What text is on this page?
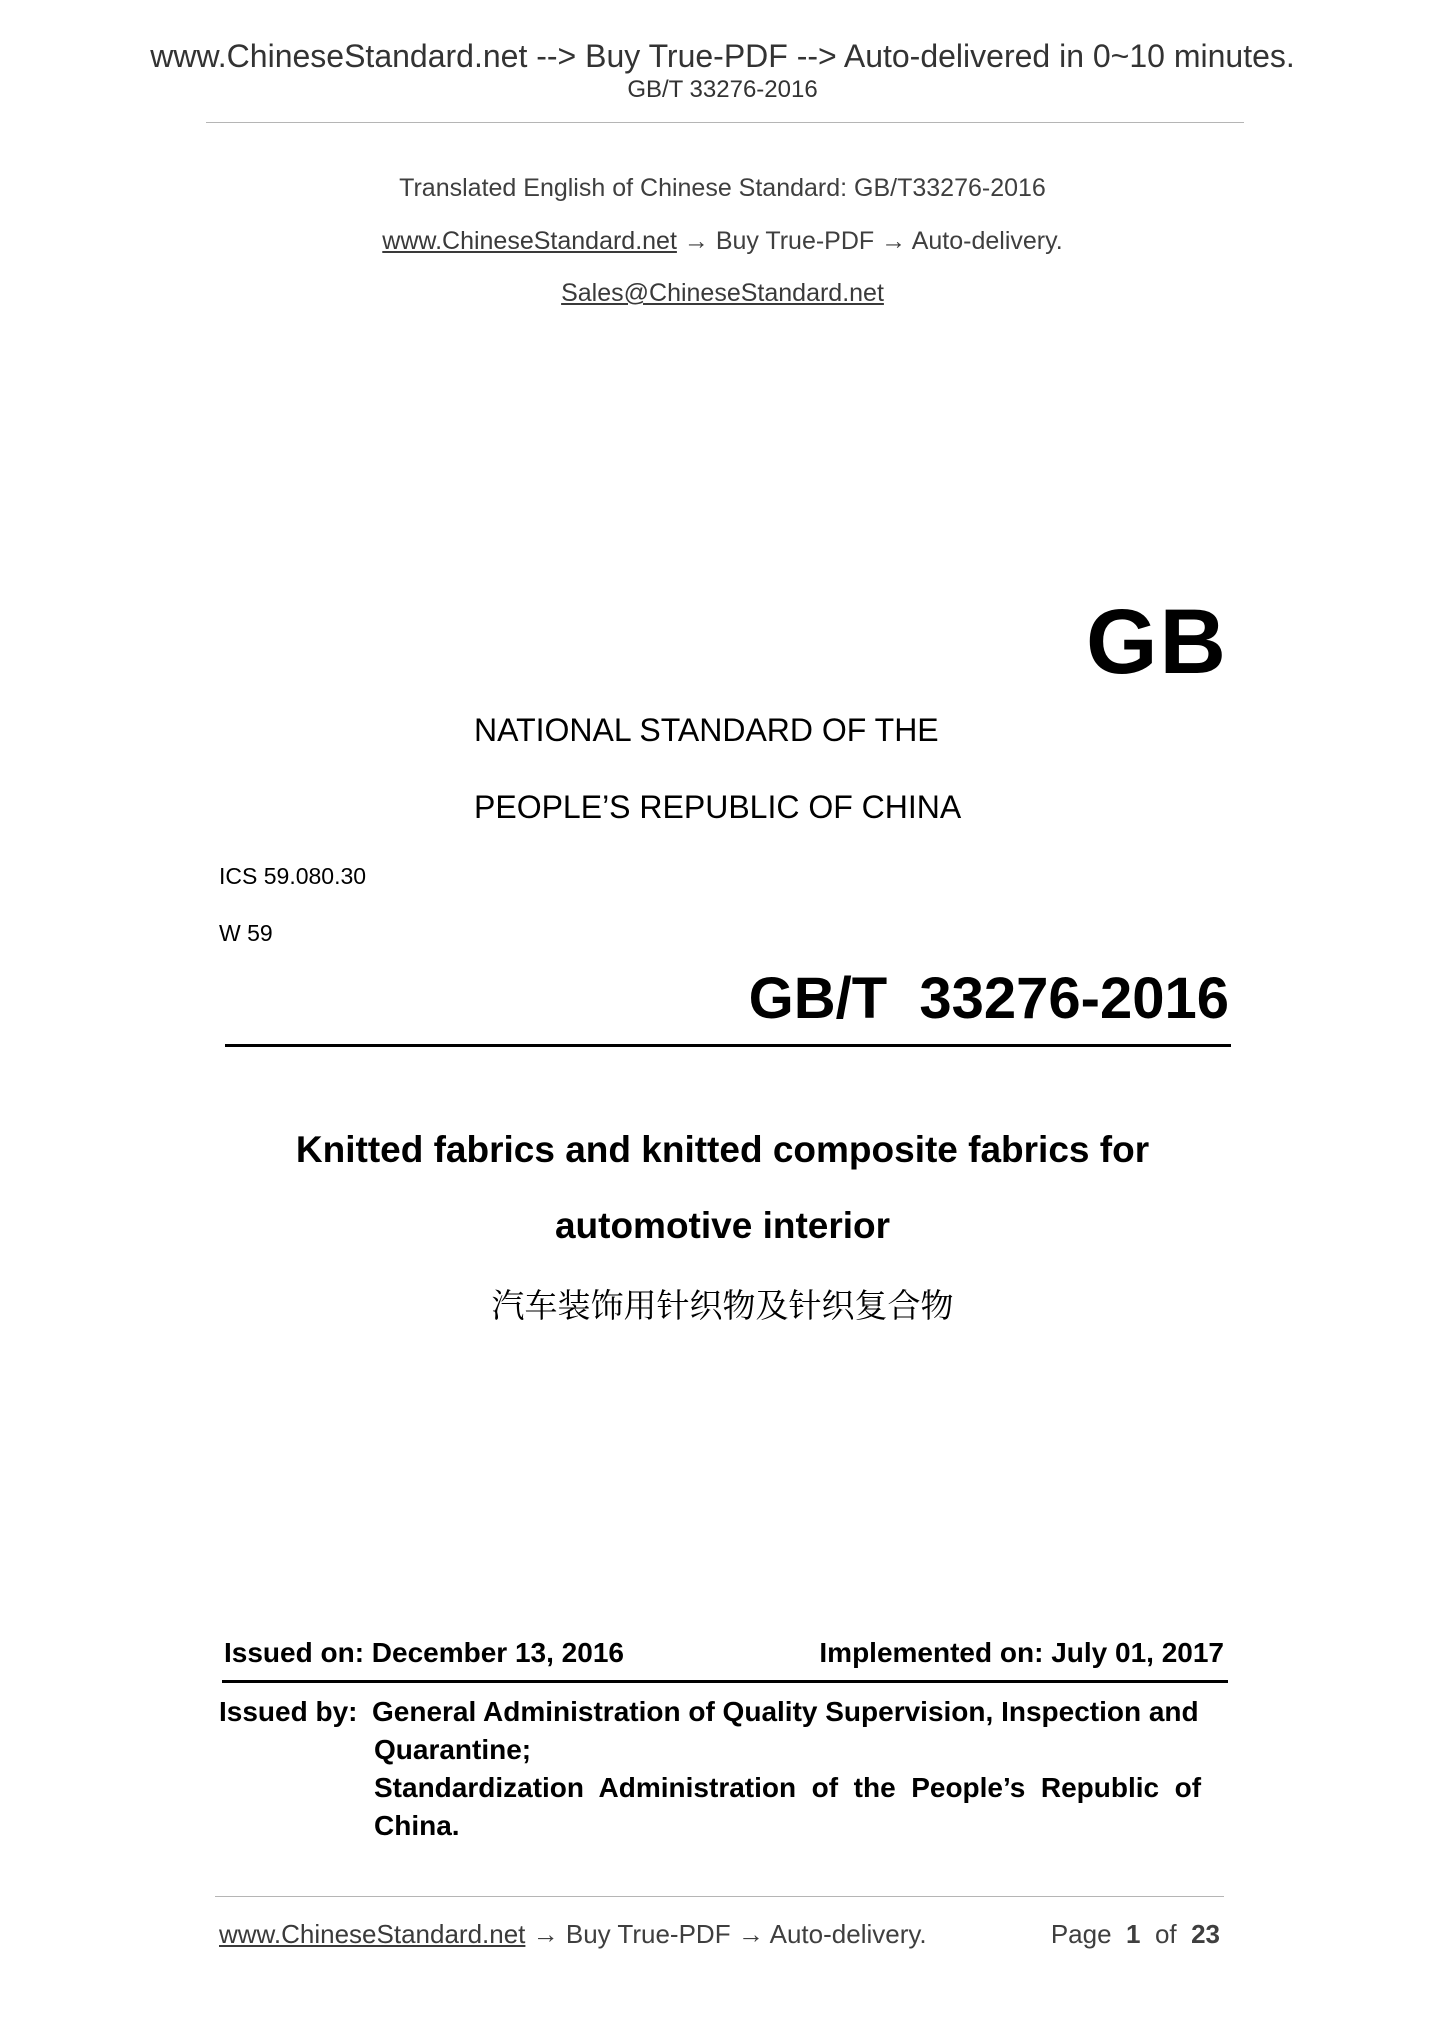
www.ChineseStandard.net --> Buy True-PDF --> Auto-delivered in 0~10 minutes.
GB/T 33276-2016
Translated English of Chinese Standard: GB/T33276-2016
www.ChineseStandard.net → Buy True-PDF → Auto-delivery.
Sales@ChineseStandard.net
GB
NATIONAL STANDARD OF THE
PEOPLE’S REPUBLIC OF CHINA
ICS 59.080.30
W 59
GB/T  33276-2016
Knitted fabrics and knitted composite fabrics for
automotive interior
汽车装饰用针织物及针织复合物
Issued on: December 13, 2016	Implemented on: July 01, 2017
Issued by: General Administration of Quality Supervision, Inspection and
Quarantine;
Standardization  Administration  of  the  People’s  Republic  of
China.
www.ChineseStandard.net → Buy True-PDF → Auto-delivery.	Page 1 of 23
